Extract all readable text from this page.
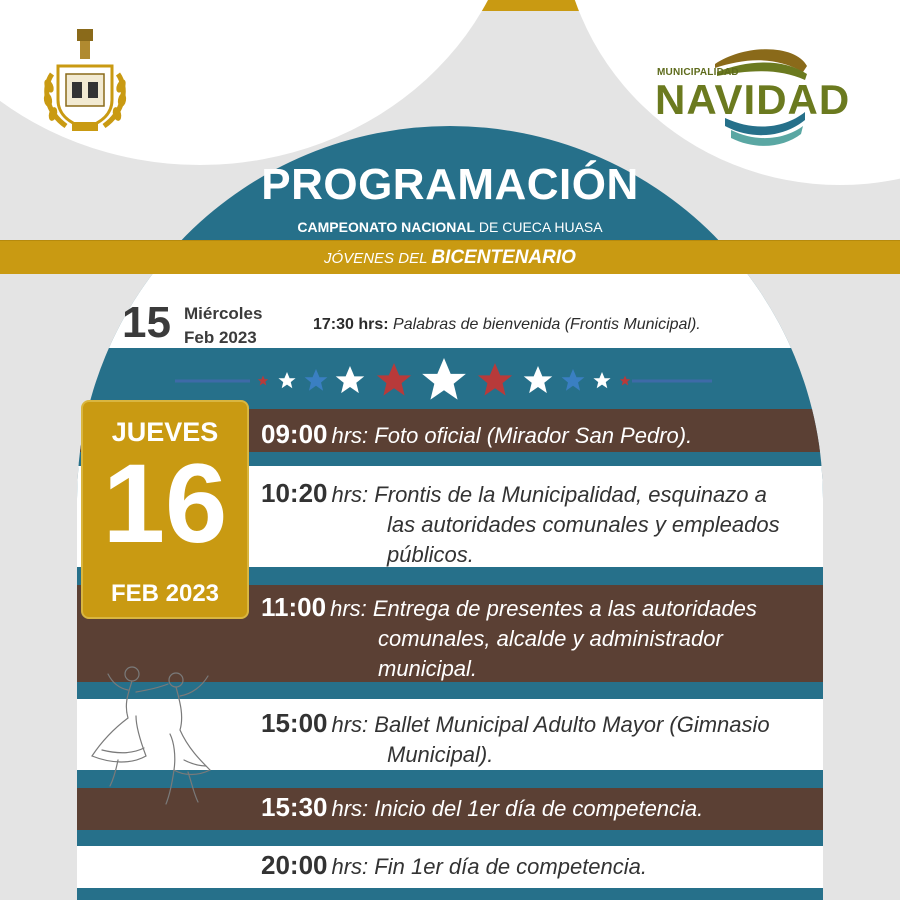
MUNICIPALIDAD
NAVIDAD
PROGRAMACIÓN
CAMPEONATO NACIONAL DE CUECA HUASA
JÓVENES DEL BICENTENARIO
15 Miércoles
Feb 2023
17:30 hrs: Palabras de bienvenida (Frontis Municipal).
JUEVES
16
FEB 2023
09:00 hrs: Foto oficial (Mirador San Pedro).
10:20 hrs: Frontis de la Municipalidad, esquinazo a
las autoridades comunales y empleados públicos.
11:00 hrs: Entrega de presentes a las autoridades
comunales, alcalde y administrador municipal.
15:00 hrs: Ballet Municipal Adulto Mayor (Gimnasio
Municipal).
15:30 hrs: Inicio del 1er día de competencia.
20:00 hrs: Fin 1er día de competencia.
